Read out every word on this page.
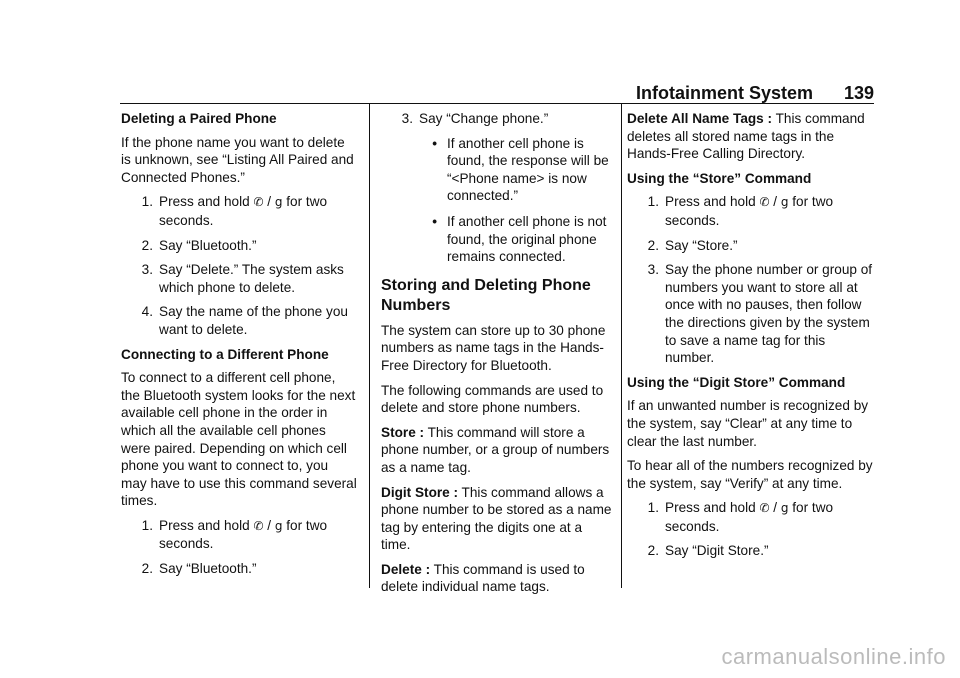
Infotainment System 139

Deleting a Paired Phone

If the phone name you want to delete is unknown, see “Listing All Paired and Connected Phones.”

1. Press and hold ✆ / g for two seconds.
2. Say “Bluetooth.”
3. Say “Delete.” The system asks which phone to delete.
4. Say the name of the phone you want to delete.

Connecting to a Different Phone

To connect to a different cell phone, the Bluetooth system looks for the next available cell phone in the order in which all the available cell phones were paired. Depending on which cell phone you want to connect to, you may have to use this command several times.

1. Press and hold ✆ / g for two seconds.
2. Say “Bluetooth.”
3. Say “Change phone.”
• If another cell phone is found, the response will be “<Phone name> is now connected.”
• If another cell phone is not found, the original phone remains connected.

Storing and Deleting Phone Numbers

The system can store up to 30 phone numbers as name tags in the Hands-Free Directory for Bluetooth.

The following commands are used to delete and store phone numbers.

Store : This command will store a phone number, or a group of numbers as a name tag.

Digit Store : This command allows a phone number to be stored as a name tag by entering the digits one at a time.

Delete : This command is used to delete individual name tags.

Delete All Name Tags : This command deletes all stored name tags in the Hands-Free Calling Directory.

Using the “Store” Command

1. Press and hold ✆ / g for two seconds.
2. Say “Store.”
3. Say the phone number or group of numbers you want to store all at once with no pauses, then follow the directions given by the system to save a name tag for this number.

Using the “Digit Store” Command

If an unwanted number is recognized by the system, say “Clear” at any time to clear the last number.

To hear all of the numbers recognized by the system, say “Verify” at any time.

1. Press and hold ✆ / g for two seconds.
2. Say “Digit Store.”
carmanualsonline.info
